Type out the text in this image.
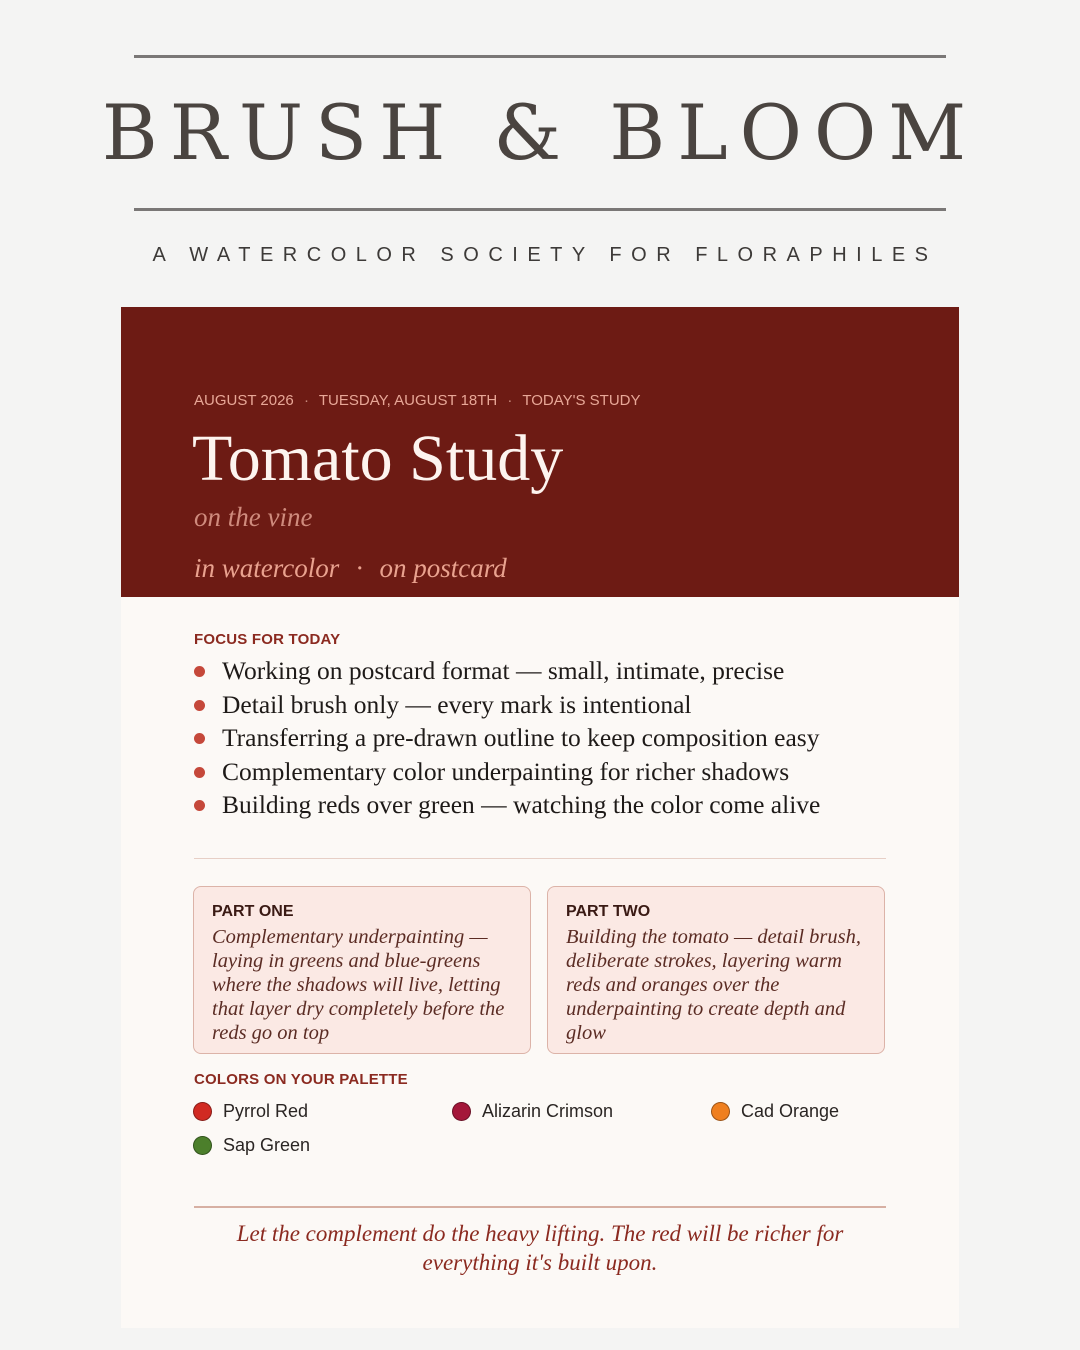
BRUSH & BLOOM
A WATERCOLOR SOCIETY FOR FLORAPHILES
AUGUST 2026 · TUESDAY, AUGUST 18TH · TODAY'S STUDY
Tomato Study
on the vine
in watercolor · on postcard
FOCUS FOR TODAY
Working on postcard format — small, intimate, precise
Detail brush only — every mark is intentional
Transferring a pre-drawn outline to keep composition easy
Complementary color underpainting for richer shadows
Building reds over green — watching the color come alive
PART ONE
Complementary underpainting — laying in greens and blue-greens where the shadows will live, letting that layer dry completely before the reds go on top
PART TWO
Building the tomato — detail brush, deliberate strokes, layering warm reds and oranges over the underpainting to create depth and glow
COLORS ON YOUR PALETTE
Pyrrol Red	Alizarin Crimson	Cad Orange
Sap Green
Let the complement do the heavy lifting. The red will be richer for everything it's built upon.
